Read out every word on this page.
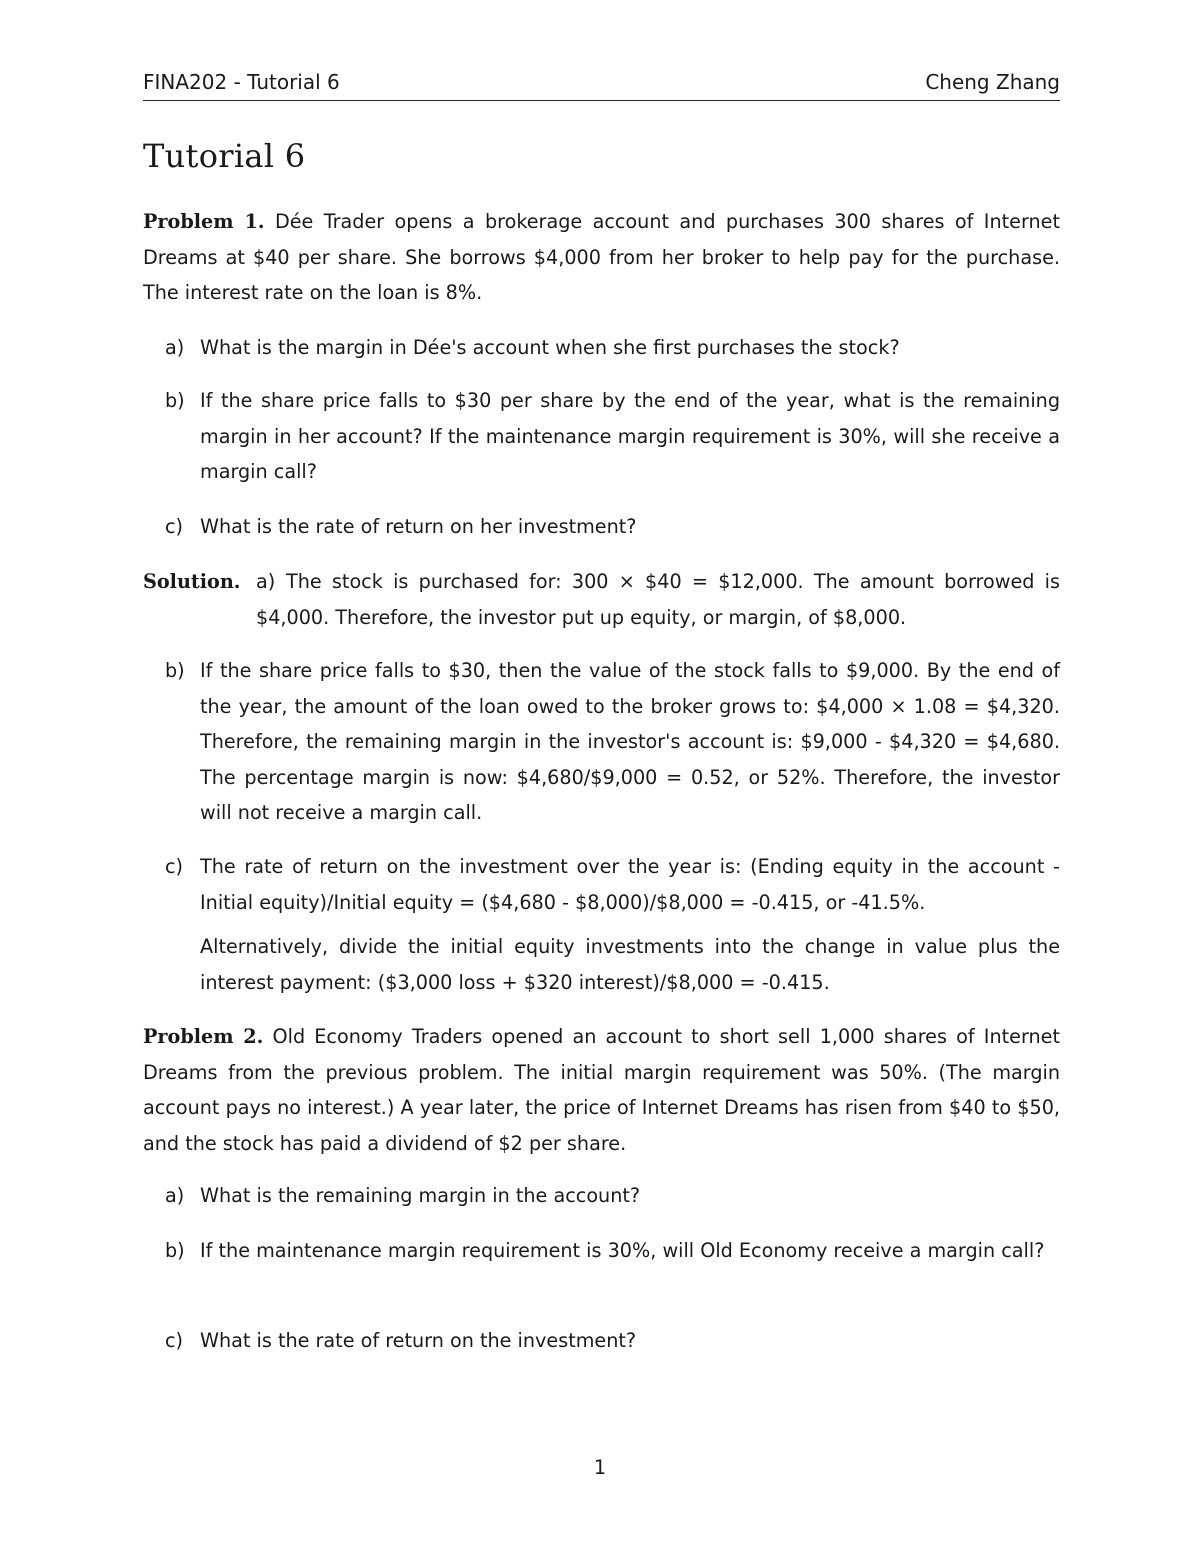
FINA202 - Tutorial 6	Cheng Zhang
Tutorial 6

Problem 1. Dée Trader opens a brokerage account and purchases 300 shares of Internet Dreams at $40 per share. She borrows $4,000 from her broker to help pay for the purchase. The interest rate on the loan is 8%.

a) What is the margin in Dée's account when she first purchases the stock?
b) If the share price falls to $30 per share by the end of the year, what is the remaining margin in her account? If the maintenance margin requirement is 30%, will she receive a margin call?
c) What is the rate of return on her investment?
Solution. a) The stock is purchased for: 300 × $40 = $12,000. The amount borrowed is $4,000. Therefore, the investor put up equity, or margin, of $8,000.
b) If the share price falls to $30, then the value of the stock falls to $9,000. By the end of the year, the amount of the loan owed to the broker grows to: $4,000 × 1.08 = $4,320. Therefore, the remaining margin in the investor's account is: $9,000 - $4,320 = $4,680. The percentage margin is now: $4,680/$9,000 = 0.52, or 52%. Therefore, the investor will not receive a margin call.
c) The rate of return on the investment over the year is: (Ending equity in the account - Initial equity)/Initial equity = ($4,680 - $8,000)/$8,000 = -0.415, or -41.5%.
Alternatively, divide the initial equity investments into the change in value plus the interest payment: ($3,000 loss + $320 interest)/$8,000 = -0.415.

Problem 2. Old Economy Traders opened an account to short sell 1,000 shares of Internet Dreams from the previous problem. The initial margin requirement was 50%. (The margin account pays no interest.) A year later, the price of Internet Dreams has risen from $40 to $50, and the stock has paid a dividend of $2 per share.

a) What is the remaining margin in the account?
b) If the maintenance margin requirement is 30%, will Old Economy receive a margin call?
c) What is the rate of return on the investment?
1
